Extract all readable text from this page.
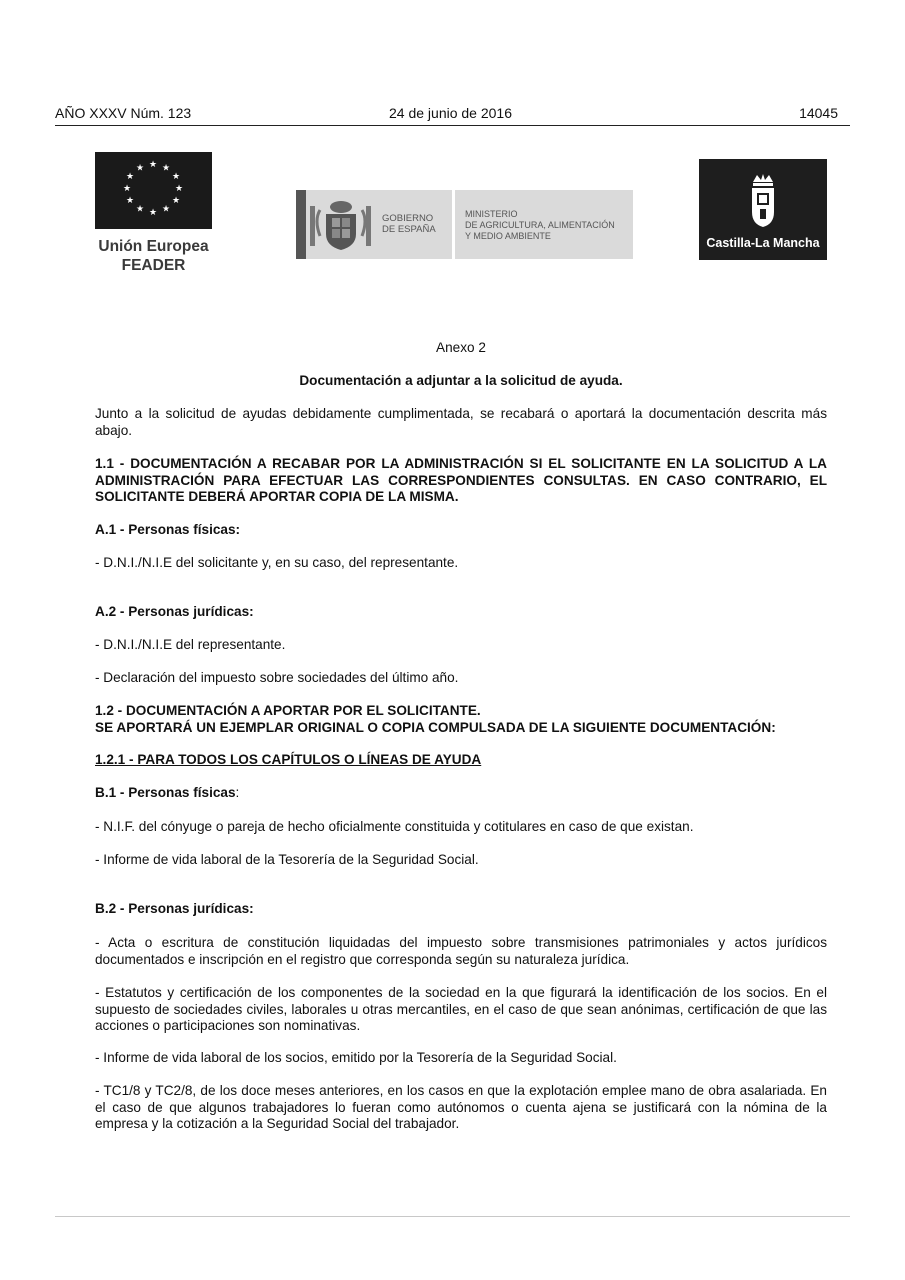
AÑO XXXV Núm. 123	24 de junio de 2016	14045
★ ★
★
★
★
★
★
★
★
★
★
★
Unión Europea
FEADER
GOBIERNO
DE ESPAÑA
MINISTERIO
DE AGRICULTURA, ALIMENTACIÓN
Y MEDIO AMBIENTE	Castilla-La Mancha

Anexo 2

Documentación a adjuntar a la solicitud de ayuda.

Junto a la solicitud de ayudas debidamente cumplimentada, se recabará o aportará la documentación descrita más abajo.

1.1 - DOCUMENTACIÓN A RECABAR POR LA ADMINISTRACIÓN SI EL SOLICITANTE EN LA SOLICITUD A LA ADMINISTRACIÓN PARA EFECTUAR LAS CORRESPONDIENTES CONSULTAS. EN CASO CONTRARIO, EL SOLICITANTE DEBERÁ APORTAR COPIA DE LA MISMA.

A.1 - Personas físicas:

- D.N.I./N.I.E del solicitante y, en su caso, del representante.

A.2 - Personas jurídicas:

- D.N.I./N.I.E del representante.

- Declaración del impuesto sobre sociedades del último año.

1.2 - DOCUMENTACIÓN A APORTAR POR EL SOLICITANTE.
SE APORTARÁ UN EJEMPLAR ORIGINAL O COPIA COMPULSADA DE LA SIGUIENTE DOCUMENTACIÓN:

1.2.1 - PARA TODOS LOS CAPÍTULOS O LÍNEAS DE AYUDA

B.1 - Personas físicas:

- N.I.F. del cónyuge o pareja de hecho oficialmente constituida y cotitulares en caso de que existan.

- Informe de vida laboral de la Tesorería de la Seguridad Social.

B.2 - Personas jurídicas:

- Acta o escritura de constitución liquidadas del impuesto sobre transmisiones patrimoniales y actos jurídicos documentados e inscripción en el registro que corresponda según su naturaleza jurídica.

- Estatutos y certificación de los componentes de la sociedad en la que figurará la identificación de los socios. En el supuesto de sociedades civiles, laborales u otras mercantiles, en el caso de que sean anónimas, certificación de que las acciones o participaciones son nominativas.

- Informe de vida laboral de los socios, emitido por la Tesorería de la Seguridad Social.

- TC1/8 y TC2/8, de los doce meses anteriores, en los casos en que la explotación emplee mano de obra asalariada. En el caso de que algunos trabajadores lo fueran como autónomos o cuenta ajena se justificará con la nómina de la empresa y la cotización a la Seguridad Social del trabajador.
